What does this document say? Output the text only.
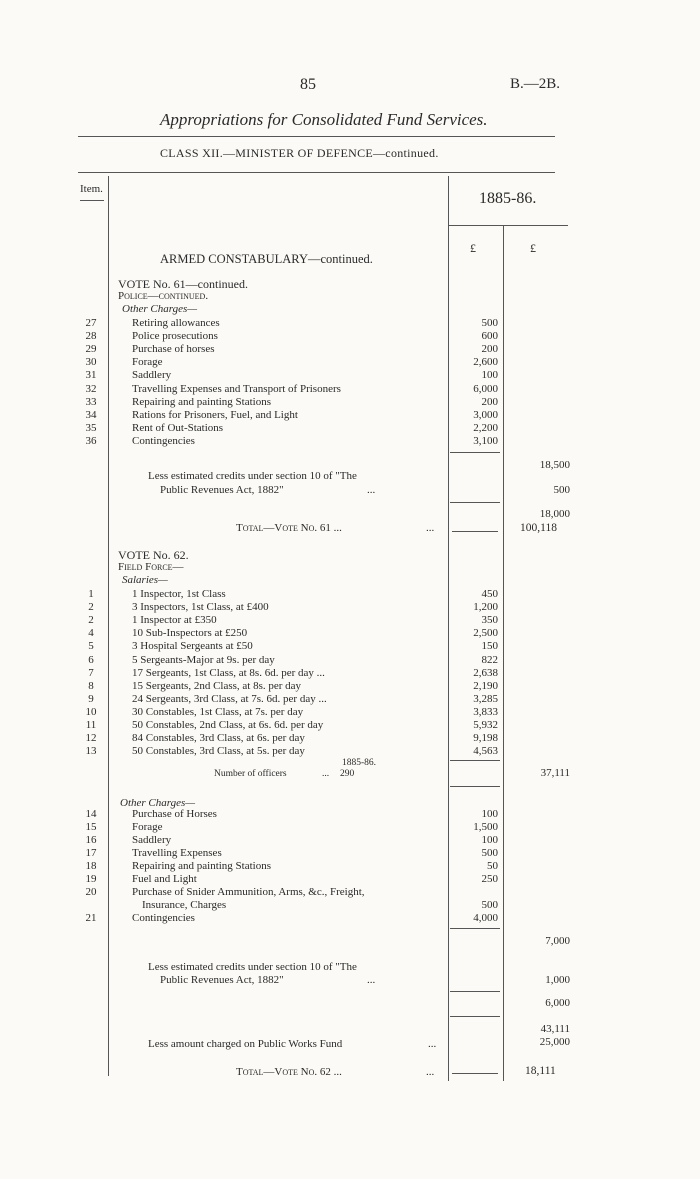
85	B.—2B.
Appropriations for Consolidated Fund Services.
CLASS XII.—MINISTER OF DEFENCE—continued.
Item.
1885-86.
£	£
ARMED CONSTABULARY—continued.
VOTE No. 61—continued.
Police—continued.
Other Charges—
27	Retiring allowances	500
28	Police prosecutions	600
29	Purchase of horses	200
30	Forage	2,600
31	Saddlery	100
32	Travelling Expenses and Transport of Prisoners	6,000
33	Repairing and painting Stations	200
34	Rations for Prisoners, Fuel, and Light	3,000
35	Rent of Out-Stations	2,200
36	Contingencies	3,100
18,500
Less estimated credits under section 10 of "The
Public Revenues Act, 1882"	...	500
18,000
Total—Vote No. 61 ...	...	100,118
VOTE No. 62.
Field Force—
Salaries—
1	1 Inspector, 1st Class	450
2	3 Inspectors, 1st Class, at £400	1,200
2	1 Inspector at £350	350
4	10 Sub-Inspectors at £250	2,500
5	3 Hospital Sergeants at £50	150
6	5 Sergeants-Major at 9s. per day	822
7	17 Sergeants, 1st Class, at 8s. 6d. per day ...	2,638
8	15 Sergeants, 2nd Class, at 8s. per day	2,190
9	24 Sergeants, 3rd Class, at 7s. 6d. per day ...	3,285
10	30 Constables, 1st Class, at 7s. per day	3,833
11	50 Constables, 2nd Class, at 6s. 6d. per day	5,932
12	84 Constables, 3rd Class, at 6s. per day	9,198
13	50 Constables, 3rd Class, at 5s. per day	4,563
1885-86.
Number of officers	... 290	37,111
Other Charges—
14	Purchase of Horses	100
15	Forage	1,500
16	Saddlery	100
17	Travelling Expenses	500
18	Repairing and painting Stations	50
19	Fuel and Light	250
20	Purchase of Snider Ammunition, Arms, &c., Freight,
Insurance, Charges	500
21	Contingencies	4,000
7,000
Less estimated credits under section 10 of "The
Public Revenues Act, 1882"	...	1,000
6,000
43,111
Less amount charged on Public Works Fund	...	25,000
Total—Vote No. 62 ...	...	18,111
